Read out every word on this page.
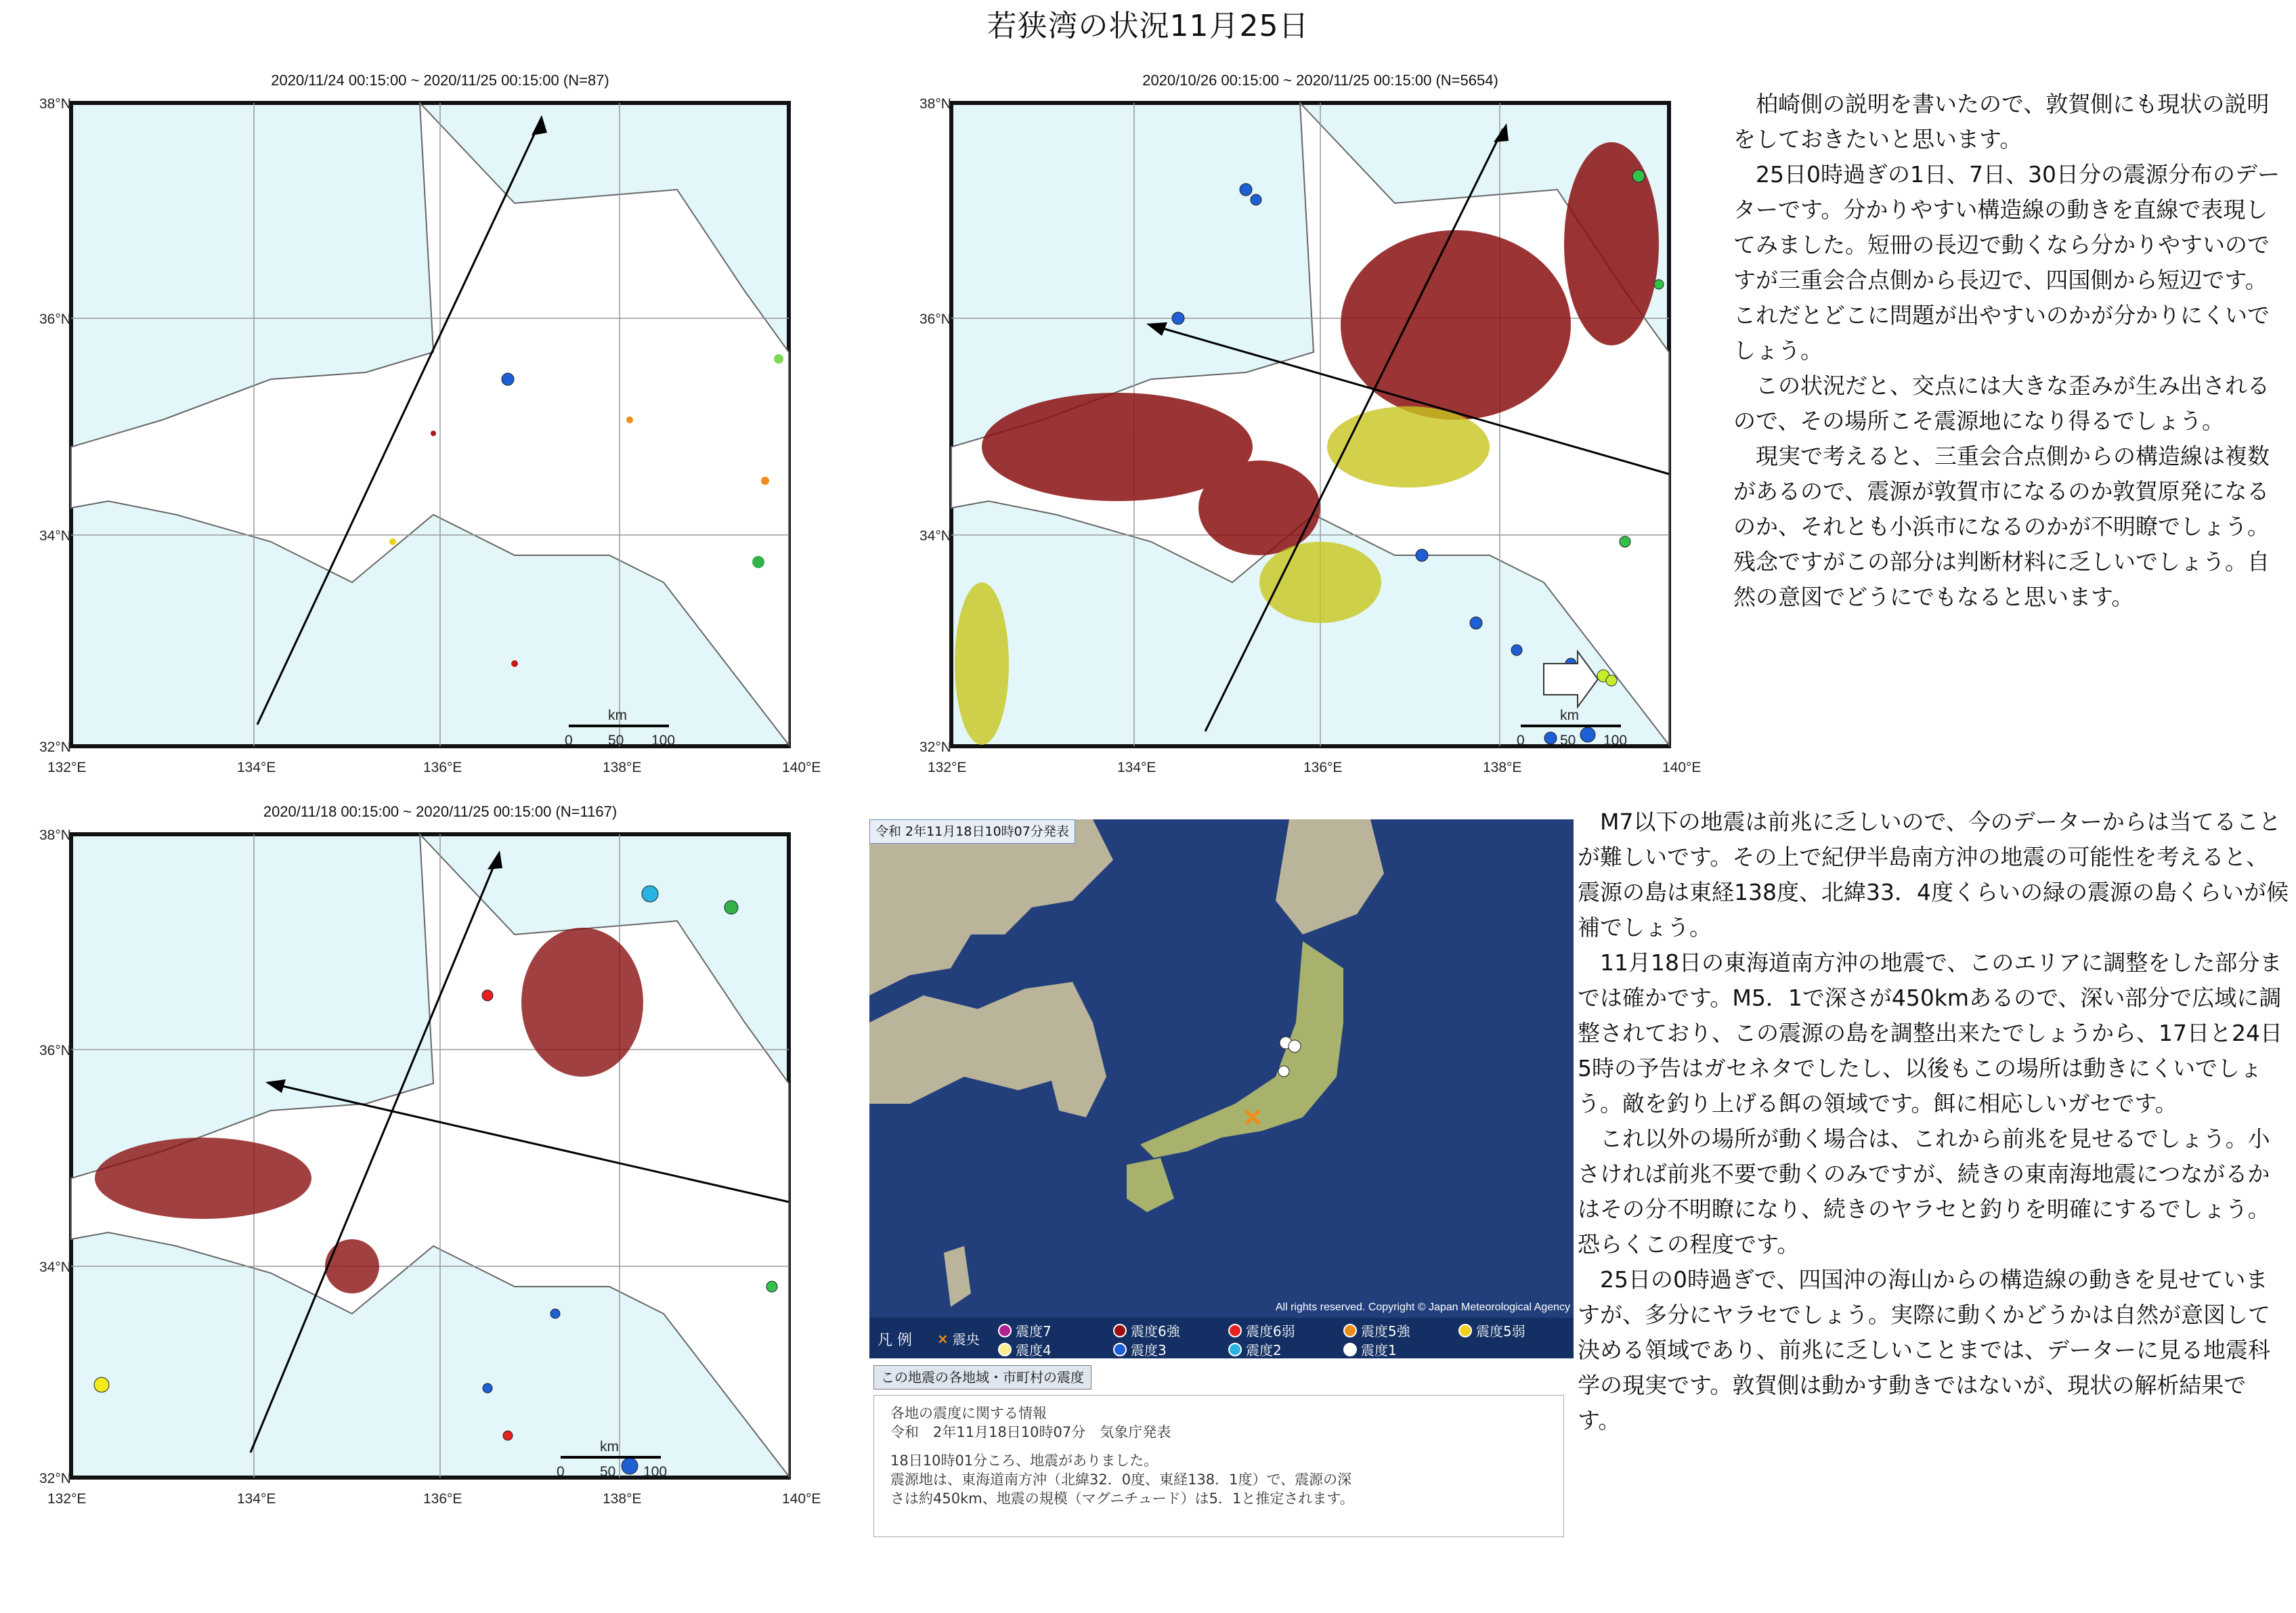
若狭湾の状況11月25日
2020/11/24 00:15:00 ~ 2020/11/25 00:15:00 (N=87)
38°N
36°N
34°N
32°N
132°E	134°E	136°E	138°E	140°E
km
0 50 100
2020/10/26 00:15:00 ~ 2020/11/25 00:15:00 (N=5654)
38°N
36°N
34°N
32°N
132°E	134°E	136°E	138°E	140°E
km
0 50 100
2020/11/18 00:15:00 ~ 2020/11/25 00:15:00 (N=1167)
38°N
36°N
34°N
32°N
132°E	134°E	136°E	138°E	140°E
km
0 50 100
All rights reserved. Copyright © Japan Meteorological Agency
令和 2年11月18日10時07分発表
凡 例 × 震央	震度7	震度6強	震度6弱	震度5強	震度5弱
震度4	震度3	震度2	震度1
この地震の各地域・市町村の震度
各地の震度に関する情報
令和　2年11月18日10時07分　気象庁発表
18日10時01分ころ、地震がありました。
震源地は、東海道南方沖（北緯32．0度、東経138．1度）で、震源の深
さは約450km、地震の規模（マグニチュード）は5．1と推定されます。

柏崎側の説明を書いたので、敦賀側にも現状の説明をしておきたいと思います。

25日0時過ぎの1日、7日、30日分の震源分布のデーターです。分かりやすい構造線の動きを直線で表現してみました。短冊の長辺で動くなら分かりやすいのですが三重会合点側から長辺で、四国側から短辺です。これだとどこに問題が出やすいのかが分かりにくいでしょう。

この状況だと、交点には大きな歪みが生み出されるので、その場所こそ震源地になり得るでしょう。

現実で考えると、三重会合点側からの構造線は複数があるので、震源が敦賀市になるのか敦賀原発になるのか、それとも小浜市になるのかが不明瞭でしょう。残念ですがこの部分は判断材料に乏しいでしょう。自然の意図でどうにでもなると思います。

M7以下の地震は前兆に乏しいので、今のデーターからは当てることが難しいです。その上で紀伊半島南方沖の地震の可能性を考えると、震源の島は東経138度、北緯33．4度くらいの緑の震源の島くらいが候補でしょう。

11月18日の東海道南方沖の地震で、このエリアに調整をした部分までは確かです。M5．1で深さが450kmあるので、深い部分で広域に調整されており、この震源の島を調整出来たでしょうから、17日と24日5時の予告はガセネタでしたし、以後もこの場所は動きにくいでしょう。敵を釣り上げる餌の領域です。餌に相応しいガセです。

これ以外の場所が動く場合は、これから前兆を見せるでしょう。小さければ前兆不要で動くのみですが、続きの東南海地震につながるかはその分不明瞭になり、続きのヤラセと釣りを明確にするでしょう。恐らくこの程度です。

25日の0時過ぎで、四国沖の海山からの構造線の動きを見せていますが、多分にヤラセでしょう。実際に動くかどうかは自然が意図して決める領域であり、前兆に乏しいことまでは、データーに見る地震科学の現実です。敦賀側は動かす動きではないが、現状の解析結果です。
